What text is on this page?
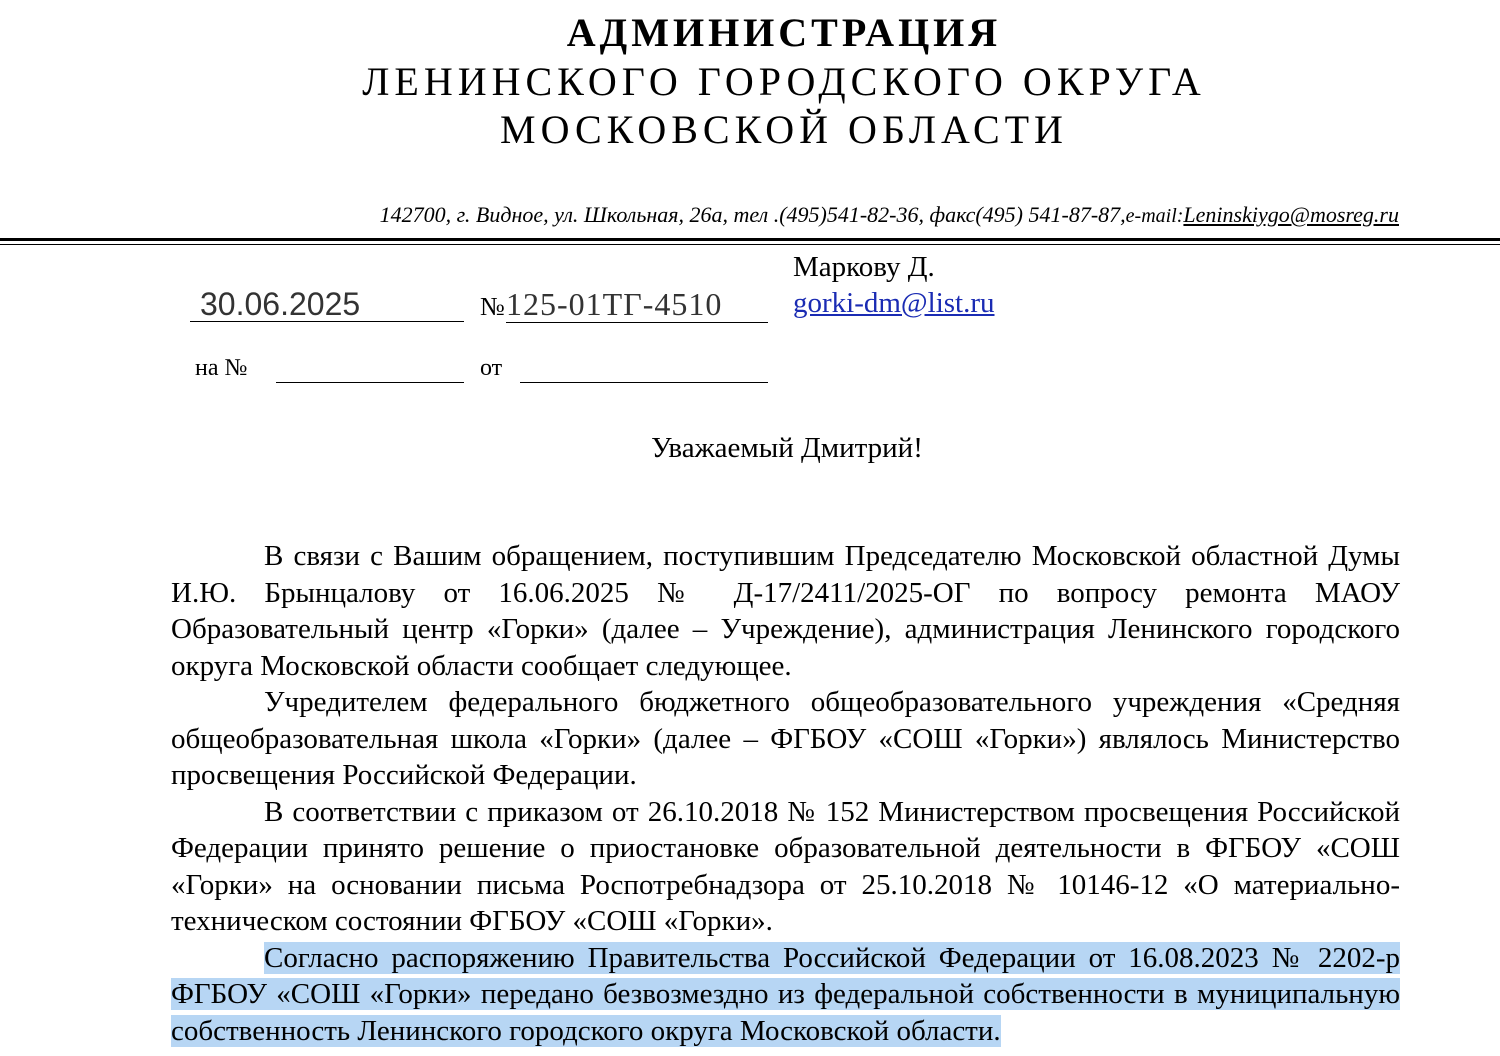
АДМИНИСТРАЦИЯ
ЛЕНИНСКОГО ГОРОДСКОГО ОКРУГА
МОСКОВСКОЙ ОБЛАСТИ
142700, г. Видное, ул. Школьная, 26а, тел .(495)541-82-36, факс(495) 541-87-87,e-mail:Leninskiygo@mosreg.ru
30.06.2025	№ 125-01ТГ-4510
на №	от
Маркову Д.
gorki-dm@list.ru
Уважаемый Дмитрий!

В связи с Вашим обращением, поступившим Председателю Московской областной Думы И.Ю. Брынцалову от 16.06.2025 № Д-17/2411/2025-ОГ по вопросу ремонта МАОУ Образовательный центр «Горки» (далее – Учреждение), администрация Ленинского городского округа Московской области сообщает следующее.

Учредителем федерального бюджетного общеобразовательного учреждения «Средняя общеобразовательная школа «Горки» (далее – ФГБОУ «СОШ «Горки») являлось Министерство просвещения Российской Федерации.

В соответствии с приказом от 26.10.2018 № 152 Министерством просвещения Российской Федерации принято решение о приостановке образовательной деятельности в ФГБОУ «СОШ «Горки» на основании письма Роспотребнадзора от 25.10.2018 № 10146-12 «О материально-техническом состоянии ФГБОУ «СОШ «Горки».

Согласно распоряжению Правительства Российской Федерации от 16.08.2023 № 2202-р ФГБОУ «СОШ «Горки» передано безвозмездно из федеральной собственности в муниципальную собственность Ленинского городского округа Московской области.
